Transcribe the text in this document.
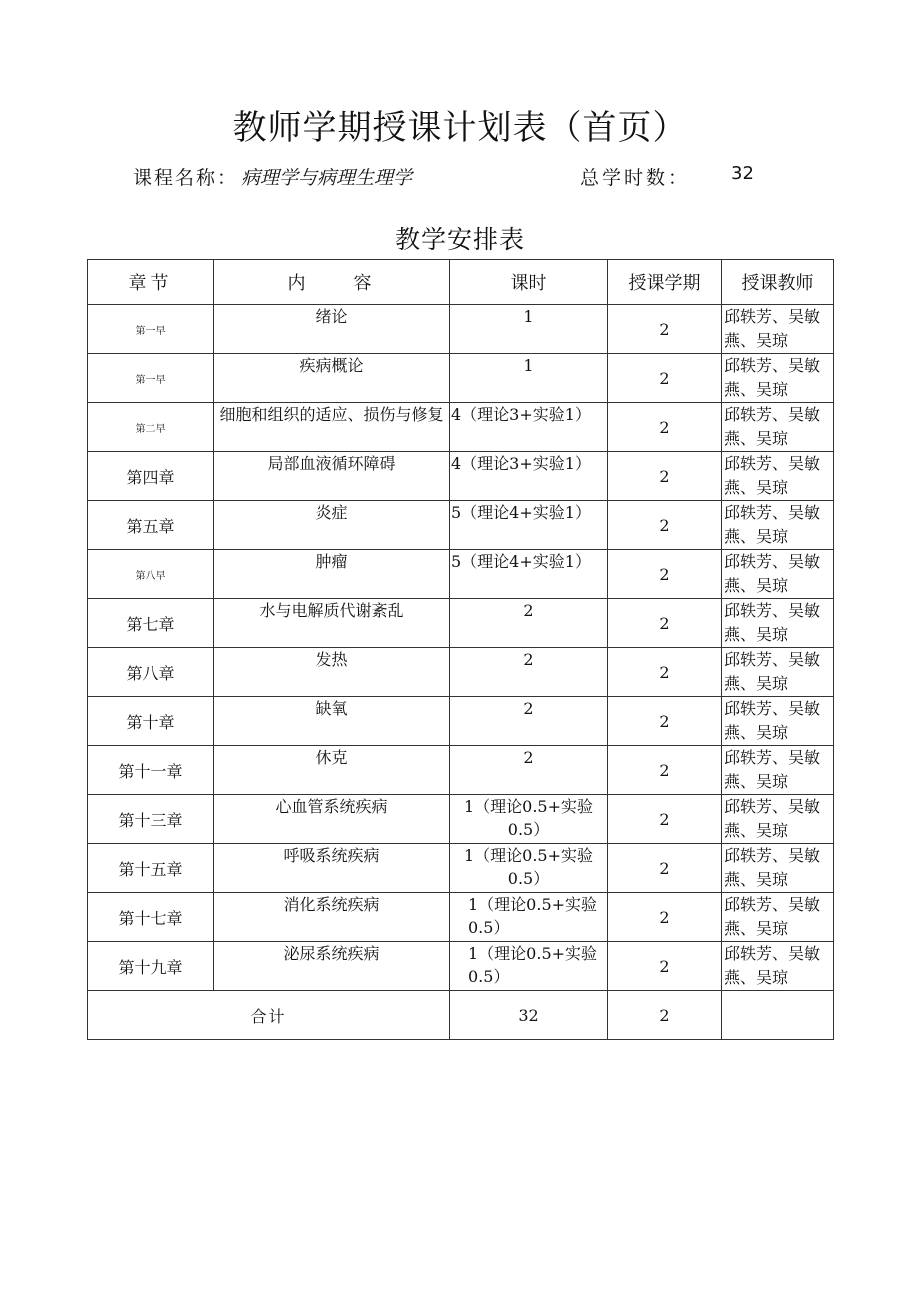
教师学期授课计划表（首页）
课程名称： 病理学与病理生理学	总学时数： 32
教学安排表
章节	内　　容	课时	授课学期	授课教师
第一早	绪论	1	2	邱轶芳、吴敏燕、吴琼
第一早	疾病概论	1	2	邱轶芳、吴敏燕、吴琼
第二早	细胞和组织的适应、损伤与修复	4（理论3+实验1）	2	邱轶芳、吴敏燕、吴琼
第四章	局部血液循环障碍	4（理论3+实验1）	2	邱轶芳、吴敏燕、吴琼
第五章	炎症	5（理论4+实验1）	2	邱轶芳、吴敏燕、吴琼
第八早	肿瘤	5（理论4+实验1）	2	邱轶芳、吴敏燕、吴琼
第七章	水与电解质代谢紊乱	2	2	邱轶芳、吴敏燕、吴琼
第八章	发热	2	2	邱轶芳、吴敏燕、吴琼
第十章	缺氧	2	2	邱轶芳、吴敏燕、吴琼
第十一章	休克	2	2	邱轶芳、吴敏燕、吴琼
第十三章	心血管系统疾病	1（理论0.5+实验0.5）	2	邱轶芳、吴敏燕、吴琼
第十五章	呼吸系统疾病	1（理论0.5+实验0.5）	2	邱轶芳、吴敏燕、吴琼
第十七章	消化系统疾病	1（理论0.5+实验0.5）	2	邱轶芳、吴敏燕、吴琼
第十九章	泌尿系统疾病	1（理论0.5+实验0.5）	2	邱轶芳、吴敏燕、吴琼
合计		32	2	
